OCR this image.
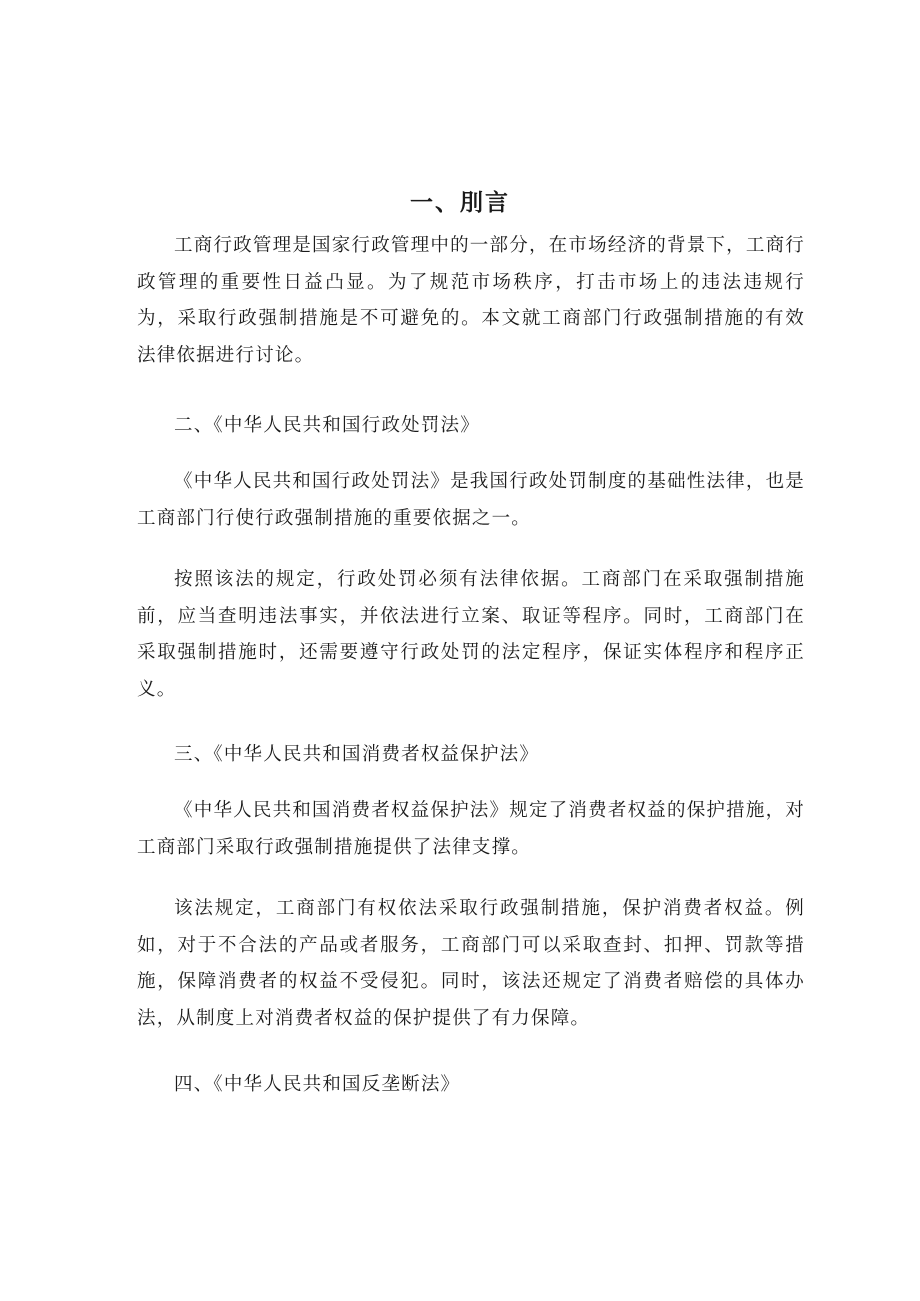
一、刖言

工商行政管理是国家行政管理中的一部分，在市场经济的背景下，工商行政管理的重要性日益凸显。为了规范市场秩序，打击市场上的违法违规行为，采取行政强制措施是不可避免的。本文就工商部门行政强制措施的有效法律依据进行讨论。

二、《中华人民共和国行政处罚法》

《中华人民共和国行政处罚法》是我国行政处罚制度的基础性法律，也是工商部门行使行政强制措施的重要依据之一。

按照该法的规定，行政处罚必须有法律依据。工商部门在采取强制措施前，应当查明违法事实，并依法进行立案、取证等程序。同时，工商部门在采取强制措施时，还需要遵守行政处罚的法定程序，保证实体程序和程序正义。

三、《中华人民共和国消费者权益保护法》

《中华人民共和国消费者权益保护法》规定了消费者权益的保护措施，对工商部门采取行政强制措施提供了法律支撑。

该法规定，工商部门有权依法采取行政强制措施，保护消费者权益。例如，对于不合法的产品或者服务，工商部门可以采取查封、扣押、罚款等措施，保障消费者的权益不受侵犯。同时，该法还规定了消费者赔偿的具体办法，从制度上对消费者权益的保护提供了有力保障。

四、《中华人民共和国反垄断法》
